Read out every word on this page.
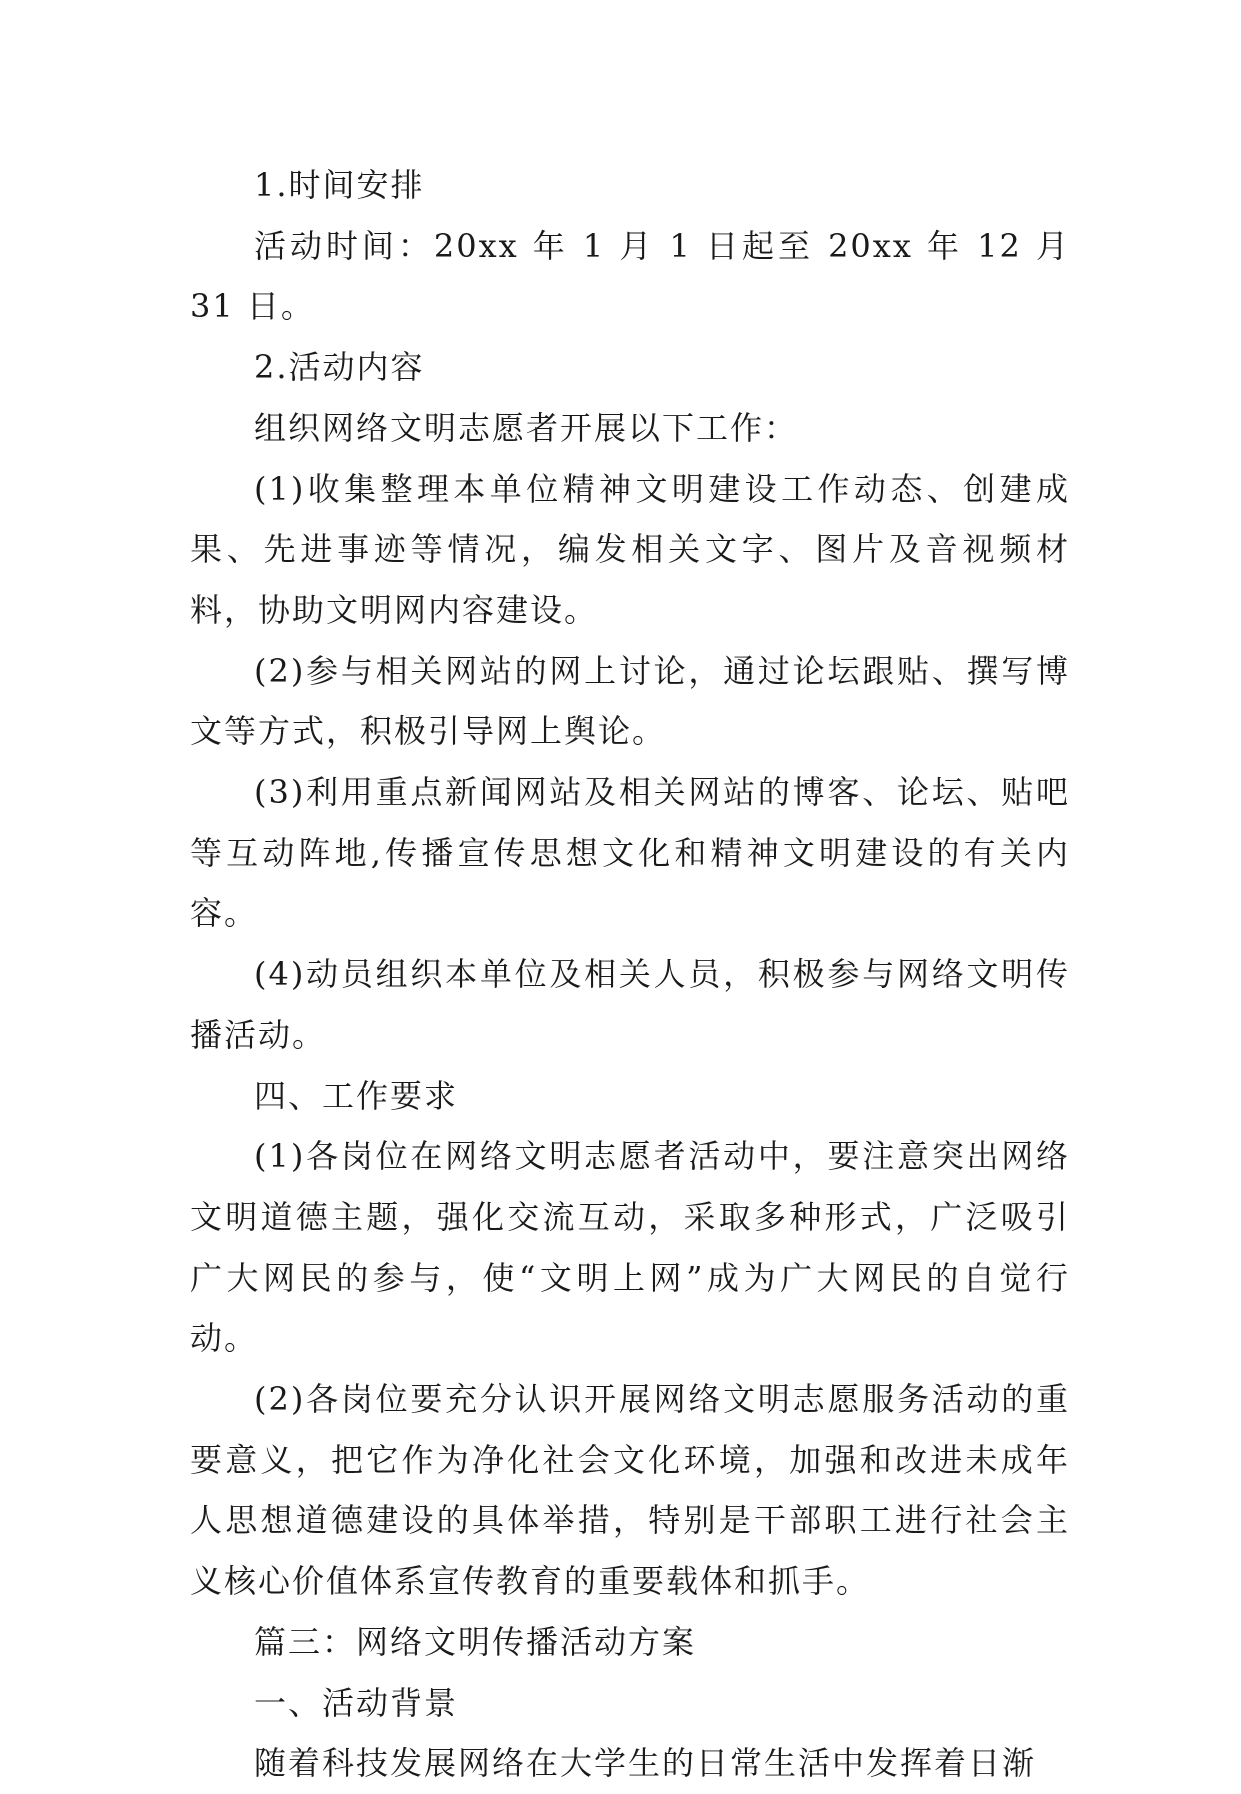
1.时间安排

活动时间：20xx 年 1 月 1 日起至 20xx 年 12 月 31 日。

2.活动内容

组织网络文明志愿者开展以下工作：

(1)收集整理本单位精神文明建设工作动态、创建成果、先进事迹等情况，编发相关文字、图片及音视频材料，协助文明网内容建设。

(2)参与相关网站的网上讨论，通过论坛跟贴、撰写博文等方式，积极引导网上舆论。

(3)利用重点新闻网站及相关网站的博客、论坛、贴吧等互动阵地,传播宣传思想文化和精神文明建设的有关内容。

(4)动员组织本单位及相关人员，积极参与网络文明传播活动。

四、工作要求

(1)各岗位在网络文明志愿者活动中，要注意突出网络文明道德主题，强化交流互动，采取多种形式，广泛吸引广大网民的参与，使“文明上网”成为广大网民的自觉行动。

(2)各岗位要充分认识开展网络文明志愿服务活动的重要意义，把它作为净化社会文化环境，加强和改进未成年人思想道德建设的具体举措，特别是干部职工进行社会主义核心价值体系宣传教育的重要载体和抓手。

篇三：网络文明传播活动方案

一、活动背景

随着科技发展网络在大学生的日常生活中发挥着日渐
